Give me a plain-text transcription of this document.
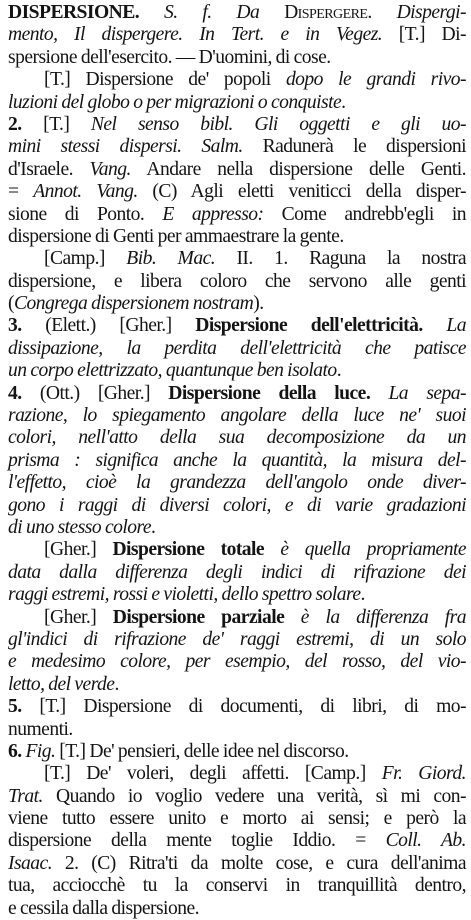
DISPERSIONE. S. f. Da Dispergere. Dispergi-
mento, Il dispergere. In Tert. e in Vegez. [T.] Di-
spersione dell'esercito. — D'uomini, di cose.
[T.] Dispersione de' popoli dopo le grandi rivo-
luzioni del globo o per migrazioni o conquiste.
2. [T.] Nel senso bibl. Gli oggetti e gli uo-
mini stessi dispersi. Salm. Radunerà le dispersioni
d'Israele. Vang. Andare nella dispersione delle Genti.
= Annot. Vang. (C) Agli eletti veniticci della disper-
sione di Ponto. E appresso: Come andrebb'egli in
dispersione di Genti per ammaestrare la gente.
[Camp.] Bib. Mac. II. 1. Raguna la nostra
dispersione, e libera coloro che servono alle genti
(Congrega dispersionem nostram).
3. (Elett.) [Gher.] Dispersione dell'elettricità. La
dissipazione, la perdita dell'elettricità che patisce
un corpo elettrizzato, quantunque ben isolato.
4. (Ott.) [Gher.] Dispersione della luce. La sepa-
razione, lo spiegamento angolare della luce ne' suoi
colori, nell'atto della sua decomposizione da un
prisma : significa anche la quantità, la misura del-
l'effetto, cioè la grandezza dell'angolo onde diver-
gono i raggi di diversi colori, e di varie gradazioni
di uno stesso colore.
[Gher.] Dispersione totale è quella propriamente
data dalla differenza degli indici di rifrazione dei
raggi estremi, rossi e violetti, dello spettro solare.
[Gher.] Dispersione parziale è la differenza fra
gl'indici di rifrazione de' raggi estremi, di un solo
e medesimo colore, per esempio, del rosso, del vio-
letto, del verde.
5. [T.] Dispersione di documenti, di libri, di mo-
numenti.
6. Fig. [T.] De' pensieri, delle idee nel discorso.
[T.] De' voleri, degli affetti. [Camp.] Fr. Giord.
Trat. Quando io voglio vedere una verità, sì mi con-
viene tutto essere unito e morto ai sensi; e però la
dispersione della mente toglie Iddio. = Coll. Ab.
Isaac. 2. (C) Ritra'ti da molte cose, e cura dell'anima
tua, acciocchè tu la conservi in tranquillità dentro,
e cessila dalla dispersione.
